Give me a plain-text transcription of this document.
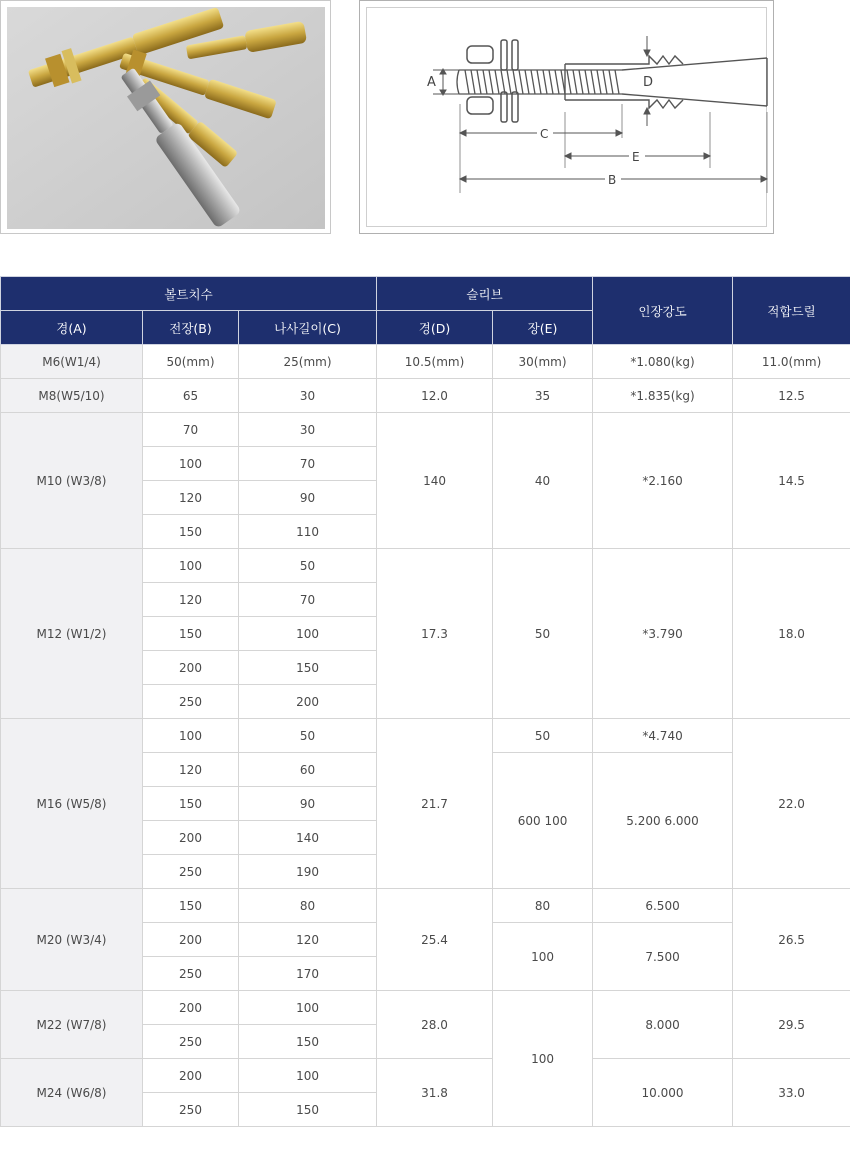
D
A
C
E
B
볼트치수			슬리브		인장강도	적합드릴
경(A)	전장(B)	나사길이(C)	경(D)	장(E)		
M6(W1/4)	50(mm)	25(mm)	10.5(mm)	30(mm)	*1.080(kg)	11.0(mm)
M8(W5/10)	65	30	12.0	35	*1.835(kg)	12.5
M10 (W3/8)	70	30	140	40	*2.160	14.5
	100	70				
	120	90				
	150	110				
M12 (W1/2)	100	50	17.3	50	*3.790	18.0
	120	70				
	150	100				
	200	150				
	250	200				
M16 (W5/8)	100	50	21.7	50	*4.740	22.0
	120	60		600 100	5.200 6.000	
	150	90				
	200	140				
	250	190				
M20 (W3/4)	150	80	25.4	80	6.500	26.5
	200	120		100	7.500	
	250	170				
M22 (W7/8)	200	100	28.0	100	8.000	29.5
	250	150				
M24 (W6/8)	200	100	31.8		10.000	33.0
	250	150				
